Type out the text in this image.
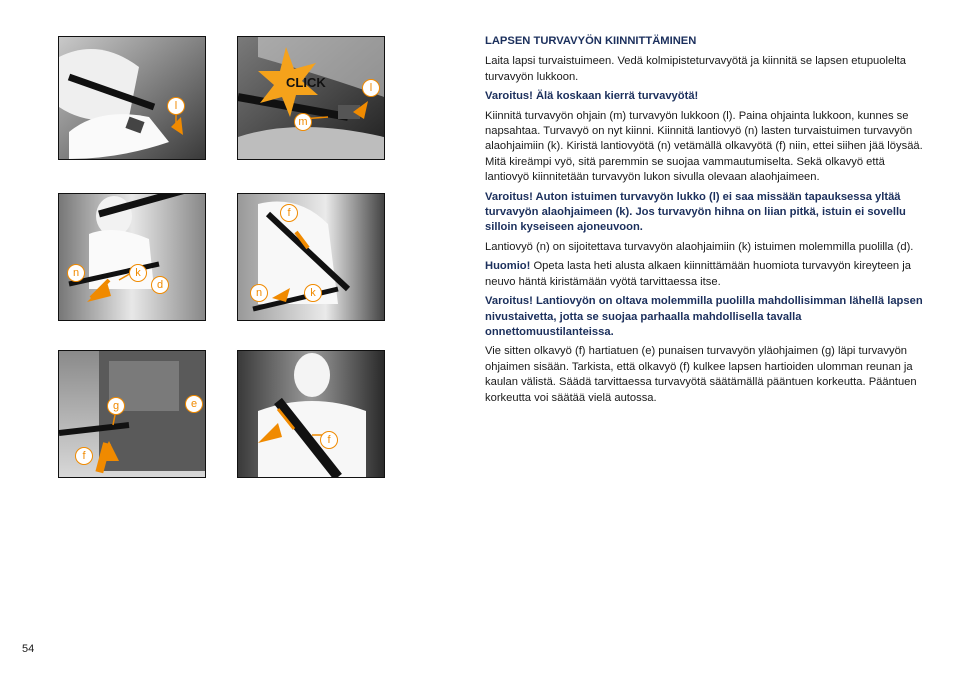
l
CLICK	l
m
n	k
d
f
n	k
g	e
f
f

LAPSEN TURVAVYÖN KIINNITTÄMINEN

Laita lapsi turvaistuimeen. Vedä kolmipisteturvavyötä ja kiinnitä se lapsen etupuolelta turvavyön lukkoon.

Varoitus! Älä koskaan kierrä turvavyötä!

Kiinnitä turvavyön ohjain (m) turvavyön lukkoon (l). Paina ohjainta lukkoon, kunnes se napsahtaa. Turvavyö on nyt kiinni. Kiinnitä lantiovyö (n) lasten turvaistuimen turvavyön alaohjaimiin (k). Kiristä lantiovyötä (n) vetämällä olkavyötä (f) niin, ettei siihen jää löysää. Mitä kireämpi vyö, sitä paremmin se suojaa vammautumiselta. Sekä olkavyö että lantiovyö kiinnitetään turvavyön lukon sivulla olevaan alaohjaimeen.

Varoitus! Auton istuimen turvavyön lukko (l) ei saa missään tapauksessa yltää turvavyön alaohjaimeen (k). Jos turvavyön hihna on liian pitkä, istuin ei sovellu silloin kyseiseen ajoneuvoon.

Lantiovyö (n) on sijoitettava turvavyön alaohjaimiin (k) istuimen molemmilla puolilla (d).

Huomio! Opeta lasta heti alusta alkaen kiinnittämään huomiota turvavyön kireyteen ja neuvo häntä kiristämään vyötä tarvittaessa itse.

Varoitus! Lantiovyön on oltava molemmilla puolilla mahdollisimman lähellä lapsen nivustaivetta, jotta se suojaa parhaalla mahdollisella tavalla onnettomuustilanteissa.

Vie sitten olkavyö (f) hartiatuen (e) punaisen turvavyön yläohjaimen (g) läpi turvavyön ohjaimen sisään. Tarkista, että olkavyö (f) kulkee lapsen hartioiden ulomman reunan ja kaulan välistä. Säädä tarvittaessa turvavyötä säätämällä pääntuen korkeutta. Pääntuen korkeutta voi säätää vielä autossa.

54
